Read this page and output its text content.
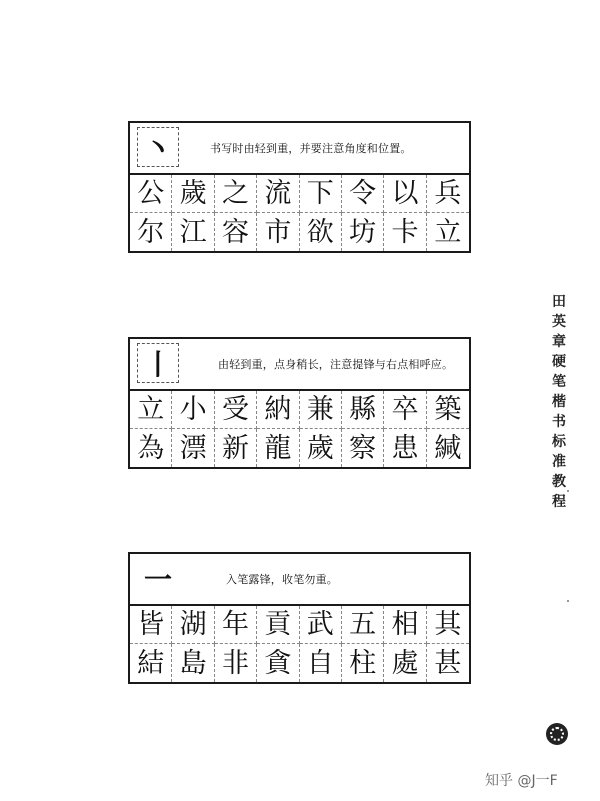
丶	书写时由轻到重，并要注意角度和位置。
公 歲 之 流 下 令 以 兵
尔 江 容 市 欲 坊 卡 立
丨	由轻到重，点身稍长，注意提锋与右点相呼应。
立 小 受 納 兼 縣 卒 築
為 漂 新 龍 歲 察 患 緘
一	入笔露锋，收笔勿重。
皆 湖 年 貢 武 五 相 其
結 島 非 貪 自 柱 處 甚
田
英
章
硬
笔
楷
书
标
准
教
程
知乎 @J一F
